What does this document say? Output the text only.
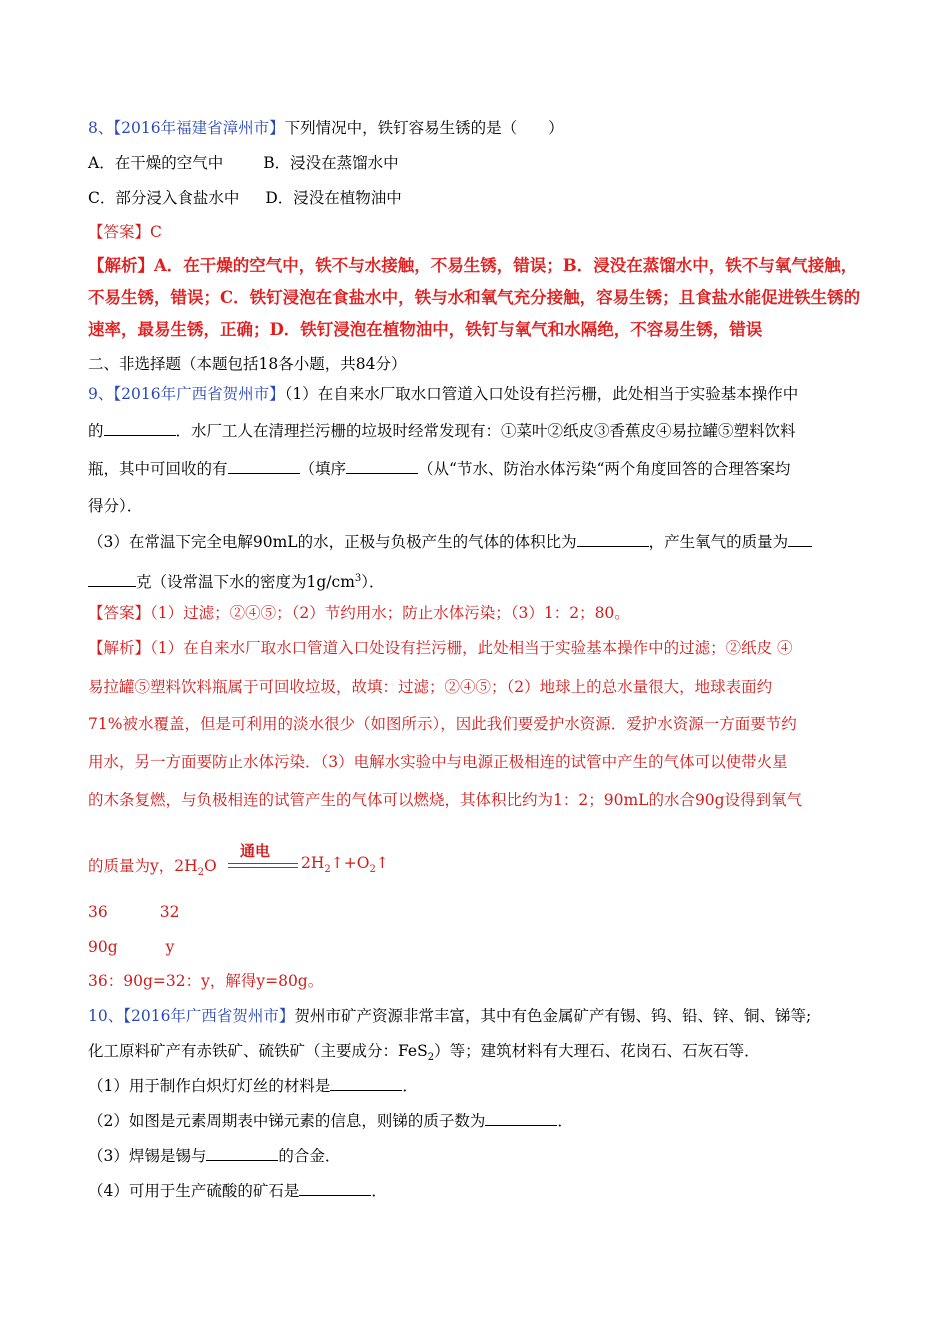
8、【2016年福建省漳州市】下列情况中，铁钉容易生锈的是（　　）
A．在干燥的空气中	B．浸没在蒸馏水中
C．部分浸入食盐水中 D．浸没在植物油中
【答案】C
【解析】A．在干燥的空气中，铁不与水接触，不易生锈，错误；B．浸没在蒸馏水中，铁不与氧气接触，
不易生锈，错误；C．铁钉浸泡在食盐水中，铁与水和氧气充分接触，容易生锈；且食盐水能促进铁生锈的
速率，最易生锈，正确；D．铁钉浸泡在植物油中，铁钉与氧气和水隔绝，不容易生锈，错误
二、非选择题（本题包括18各小题，共84分）
9、【2016年广西省贺州市】（1）在自来水厂取水口管道入口处设有拦污栅，此处相当于实验基本操作中
的	．水厂工人在清理拦污栅的垃圾时经常发现有：①菜叶②纸皮③香蕉皮④易拉罐⑤塑料饮料
瓶，其中可回收的有	（填序	（从“节水、防治水体污染“两个角度回答的合理答案均
得分）．
（3）在常温下完全电解90mL的水，正极与负极产生的气体的体积比为	，产生氧气的质量为
克（设常温下水的密度为$1g/cm^3$）．
【答案】（1）过滤；②④⑤；（2）节约用水；防止水体污染；（3）1：2；80。
【解析】（1）在自来水厂取水口管道入口处设有拦污栅，此处相当于实验基本操作中的过滤；②纸皮 ④
易拉罐⑤塑料饮料瓶属于可回收垃圾，故填：过滤；②④⑤；（2）地球上的总水量很大，地球表面约
71%被水覆盖，但是可利用的淡水很少（如图所示），因此我们要爱护水资源．爱护水资源一方面要节约
用水，另一方面要防止水体污染．（3）电解水实验中与电源正极相连的试管中产生的气体可以使带火星
的木条复燃，与负极相连的试管产生的气体可以燃烧，其体积比约为1：2；90mL的水合90g设得到氧气
的质量为y，$2H_2O$
通电
$2H_2↑+O_2↑$
36	32
90g	y
36：90g=32：y，解得y=80g。
10、【2016年广西省贺州市】贺州市矿产资源非常丰富，其中有色金属矿产有锡、钨、铅、锌、铜、锑等;
化工原料矿产有赤铁矿、硫铁矿（主要成分：FeS$_2$）等；建筑材料有大理石、花岗石、石灰石等．
（1）用于制作白炽灯灯丝的材料是	．
（2）如图是元素周期表中锑元素的信息，则锑的质子数为	．
（3）焊锡是锡与	的合金．
（4）可用于生产硫酸的矿石是	．
